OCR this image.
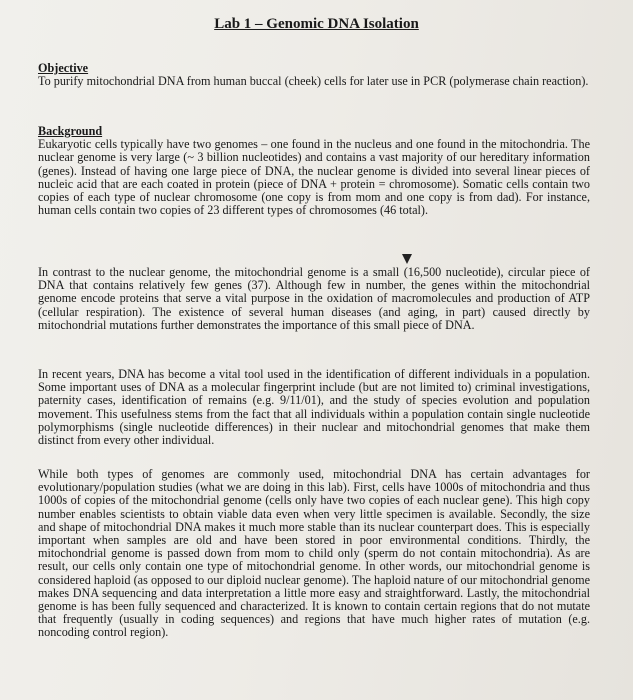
Lab 1 – Genomic DNA Isolation
Objective

To purify mitochondrial DNA from human buccal (cheek) cells for later use in PCR (polymerase chain reaction).

Background

Eukaryotic cells typically have two genomes – one found in the nucleus and one found in the mitochondria. The nuclear genome is very large (~ 3 billion nucleotides) and contains a vast majority of our hereditary information (genes). Instead of having one large piece of DNA, the nuclear genome is divided into several linear pieces of nucleic acid that are each coated in protein (piece of DNA + protein = chromosome). Somatic cells contain two copies of each type of nuclear chromosome (one copy is from mom and one copy is from dad). For instance, human cells contain two copies of 23 different types of chromosomes (46 total).

In contrast to the nuclear genome, the mitochondrial genome is a small (16,500 nucleotide), circular piece of DNA that contains relatively few genes (37). Although few in number, the genes within the mitochondrial genome encode proteins that serve a vital purpose in the oxidation of macromolecules and production of ATP (cellular respiration). The existence of several human diseases (and aging, in part) caused directly by mitochondrial mutations further demonstrates the importance of this small piece of DNA.

In recent years, DNA has become a vital tool used in the identification of different individuals in a population. Some important uses of DNA as a molecular fingerprint include (but are not limited to) criminal investigations, paternity cases, identification of remains (e.g. 9/11/01), and the study of species evolution and population movement. This usefulness stems from the fact that all individuals within a population contain single nucleotide polymorphisms (single nucleotide differences) in their nuclear and mitochondrial genomes that make them distinct from every other individual.

While both types of genomes are commonly used, mitochondrial DNA has certain advantages for evolutionary/population studies (what we are doing in this lab). First, cells have 1000s of mitochondria and thus 1000s of copies of the mitochondrial genome (cells only have two copies of each nuclear gene). This high copy number enables scientists to obtain viable data even when very little specimen is available. Secondly, the size and shape of mitochondrial DNA makes it much more stable than its nuclear counterpart does. This is especially important when samples are old and have been stored in poor environmental conditions. Thirdly, the mitochondrial genome is passed down from mom to child only (sperm do not contain mitochondria). As are result, our cells only contain one type of mitochondrial genome. In other words, our mitochondrial genome is considered haploid (as opposed to our diploid nuclear genome). The haploid nature of our mitochondrial genome makes DNA sequencing and data interpretation a little more easy and straightforward. Lastly, the mitochondrial genome is has been fully sequenced and characterized. It is known to contain certain regions that do not mutate that frequently (usually in coding sequences) and regions that have much higher rates of mutation (e.g. noncoding control region).
